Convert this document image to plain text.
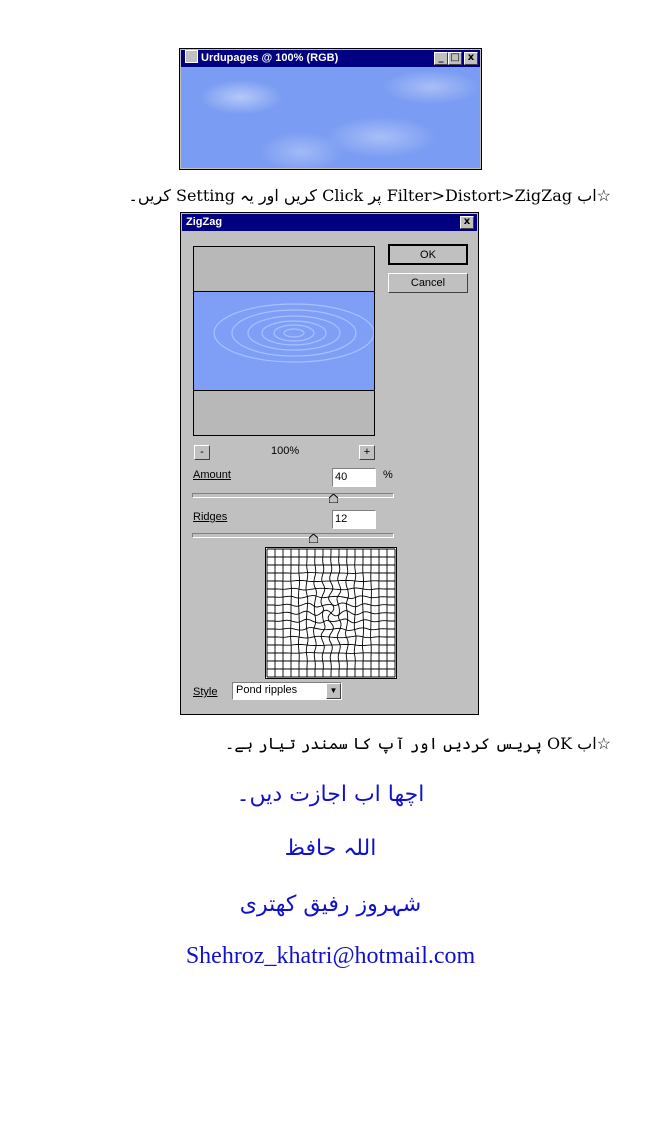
Urdupages @ 100% (RGB)	_ □ x
☆اب Filter>Distort>ZigZag پر Click کریں اور یہ Setting کریں۔
ZigZag	x
OK
Cancel
-	100%	+
Amount	40	%
Ridges	12
Style Pond ripples	▼
☆اب OK پریس کردیں اور آپ کا سمندر تیار ہے۔
اچھا اب اجازت دیں۔
اللہ حافظ
شہروز رفیق کھتری
Shehroz_khatri@hotmail.com
